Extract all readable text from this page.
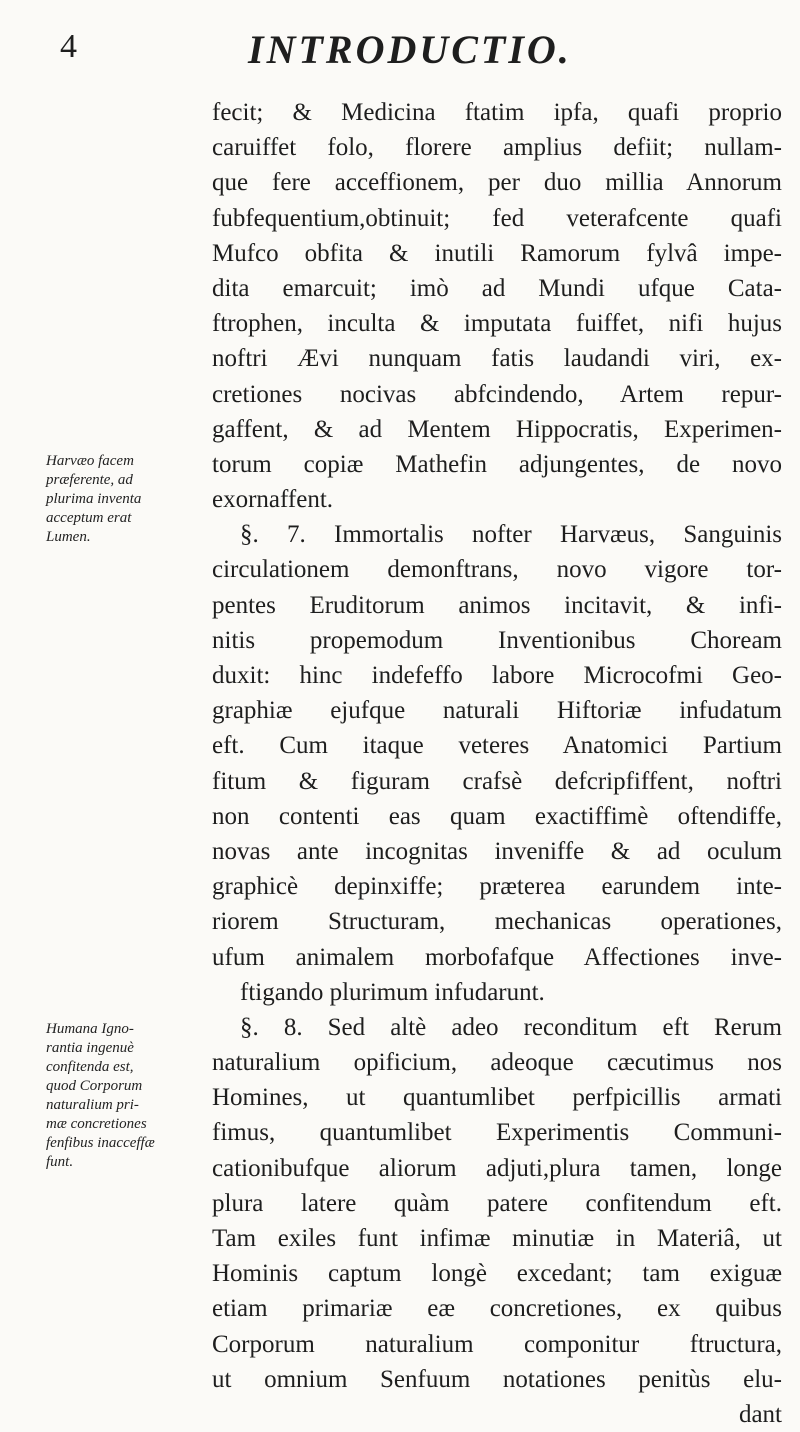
4	INTRODUCTIO.
Harvæo facem
præferente, ad
plurima inventa
acceptum erat
Lumen.
Humana Igno-
rantia ingenuè
confitenda est,
quod Corporum
naturalium pri-
mæ concretiones
fenfibus inacceffæ
funt.
fecit; & Medicina ftatim ipfa, quafi proprio
caruiffet folo, florere amplius defiit; nullam-
que fere acceffionem, per duo millia Annorum
fubfequentium,obtinuit; fed veterafcente quafi
Mufco obfita & inutili Ramorum fylvâ impe-
dita emarcuit; imò ad Mundi ufque Cata-
ftrophen, inculta & imputata fuiffet, nifi hujus
noftri Ævi nunquam fatis laudandi viri, ex-
cretiones nocivas abfcindendo, Artem repur-
gaffent, & ad Mentem Hippocratis, Experimen-
torum copiæ Mathefin adjungentes, de novo
exornaffent.
§. 7. Immortalis nofter Harvæus, Sanguinis
circulationem demonftrans, novo vigore tor-
pentes Eruditorum animos incitavit, & infi-
nitis propemodum Inventionibus Choream
duxit: hinc indefeffo labore Microcofmi Geo-
graphiæ ejufque naturali Hiftoriæ infudatum
eft. Cum itaque veteres Anatomici Partium
fitum & figuram crafsè defcripfiffent, noftri
non contenti eas quam exactiffimè oftendiffe,
novas ante incognitas inveniffe & ad oculum
graphicè depinxiffe; præterea earundem inte-
riorem Structuram, mechanicas operationes,
ufum animalem morbofafque Affectiones inve-
ftigando plurimum infudarunt.
§. 8. Sed altè adeo reconditum eft Rerum
naturalium opificium, adeoque cæcutimus nos
Homines, ut quantumlibet perfpicillis armati
fimus, quantumlibet Experimentis Communi-
cationibufque aliorum adjuti,plura tamen, longe
plura latere quàm patere confitendum eft.
Tam exiles funt infimæ minutiæ in Materiâ, ut
Hominis captum longè excedant; tam exiguæ
etiam primariæ eæ concretiones, ex quibus
Corporum naturalium componitur ftructura,
ut omnium Senfuum notationes penitùs elu-
dant
